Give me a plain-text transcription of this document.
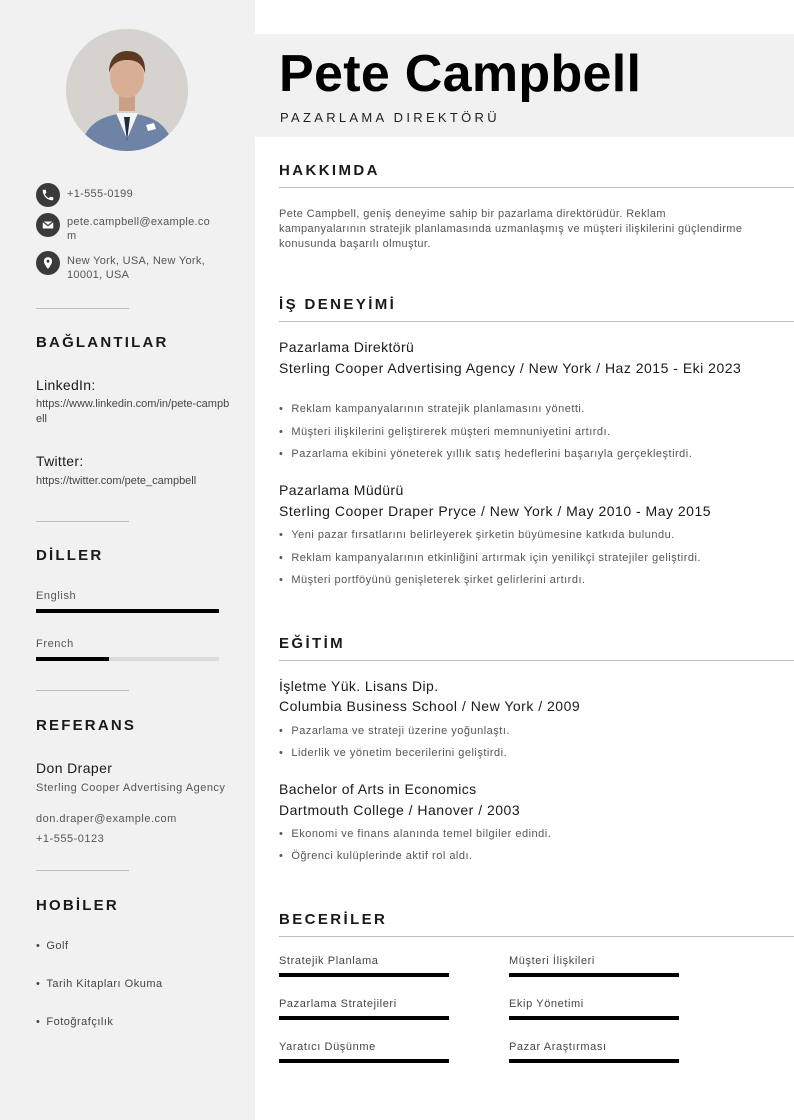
+1-555-0199
pete.campbell@example.com
New York, USA, New York, 10001, USA
BAĞLANTILAR
LinkedIn:
https://www.linkedin.com/in/pete-campbell
Twitter:
https://twitter.com/pete_campbell
DİLLER
English
French
REFERANS
Don Draper
Sterling Cooper Advertising Agency
don.draper@example.com
+1-555-0123
HOBİLER
• Golf
• Tarih Kitapları Okuma
• Fotoğrafçılık
Pete Campbell
PAZARLAMA DIREKTÖRÜ
HAKKIMDA
Pete Campbell, geniş deneyime sahip bir pazarlama direktörüdür. Reklam kampanyalarının stratejik planlamasında uzmanlaşmış ve müşteri ilişkilerini güçlendirme konusunda başarılı olmuştur.
İŞ DENEYİMİ
Pazarlama Direktörü
Sterling Cooper Advertising Agency / New York / Haz 2015 - Eki 2023
• Reklam kampanyalarının stratejik planlamasını yönetti.
• Müşteri ilişkilerini geliştirerek müşteri memnuniyetini artırdı.
• Pazarlama ekibini yöneterek yıllık satış hedeflerini başarıyla gerçekleştirdi.
Pazarlama Müdürü
Sterling Cooper Draper Pryce / New York / May 2010 - May 2015
• Yeni pazar fırsatlarını belirleyerek şirketin büyümesine katkıda bulundu.
• Reklam kampanyalarının etkinliğini artırmak için yenilikçi stratejiler geliştirdi.
• Müşteri portföyünü genişleterek şirket gelirlerini artırdı.
EĞİTİM
İşletme Yük. Lisans Dip.
Columbia Business School / New York / 2009
• Pazarlama ve strateji üzerine yoğunlaştı.
• Liderlik ve yönetim becerilerini geliştirdi.
Bachelor of Arts in Economics
Dartmouth College / Hanover / 2003
• Ekonomi ve finans alanında temel bilgiler edindi.
• Öğrenci kulüplerinde aktif rol aldı.
BECERİLER
Stratejik Planlama	Müşteri İlişkileri
Pazarlama Stratejileri	Ekip Yönetimi
Yaratıcı Düşünme	Pazar Araştırması
